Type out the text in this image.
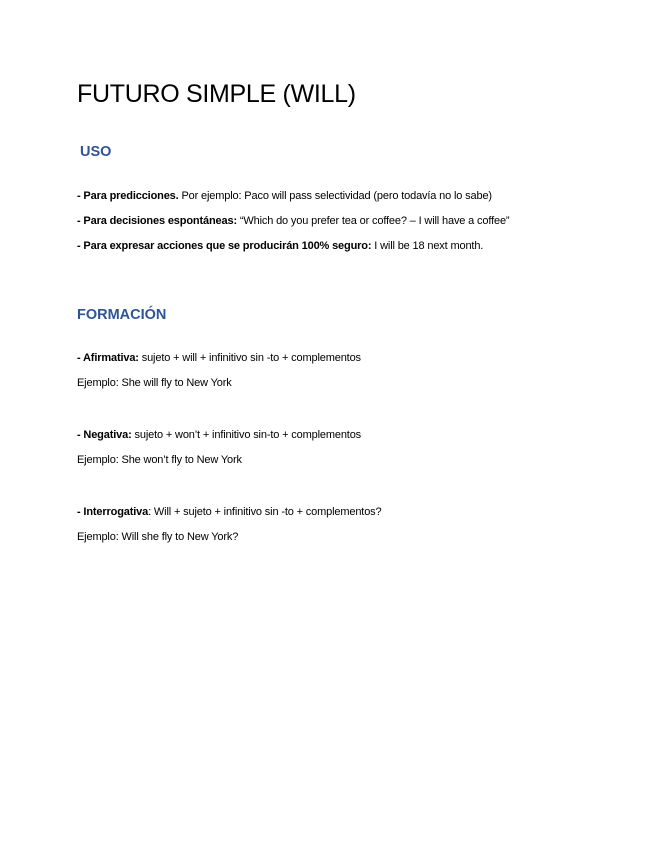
FUTURO SIMPLE (WILL)
USO

- Para predicciones. Por ejemplo: Paco will pass selectividad (pero todavía no lo sabe)

- Para decisiones espontáneas: “Which do you prefer tea or coffee? – I will have a coffee”

- Para expresar acciones que se producirán 100% seguro: I will be 18 next month.

FORMACIÓN

- Afirmativa: sujeto + will + infinitivo sin -to + complementos

Ejemplo: She will fly to New York

- Negativa: sujeto + won’t + infinitivo sin-to + complementos

Ejemplo: She won’t fly to New York

- Interrogativa: Will + sujeto + infinitivo sin -to + complementos?

Ejemplo: Will she fly to New York?
